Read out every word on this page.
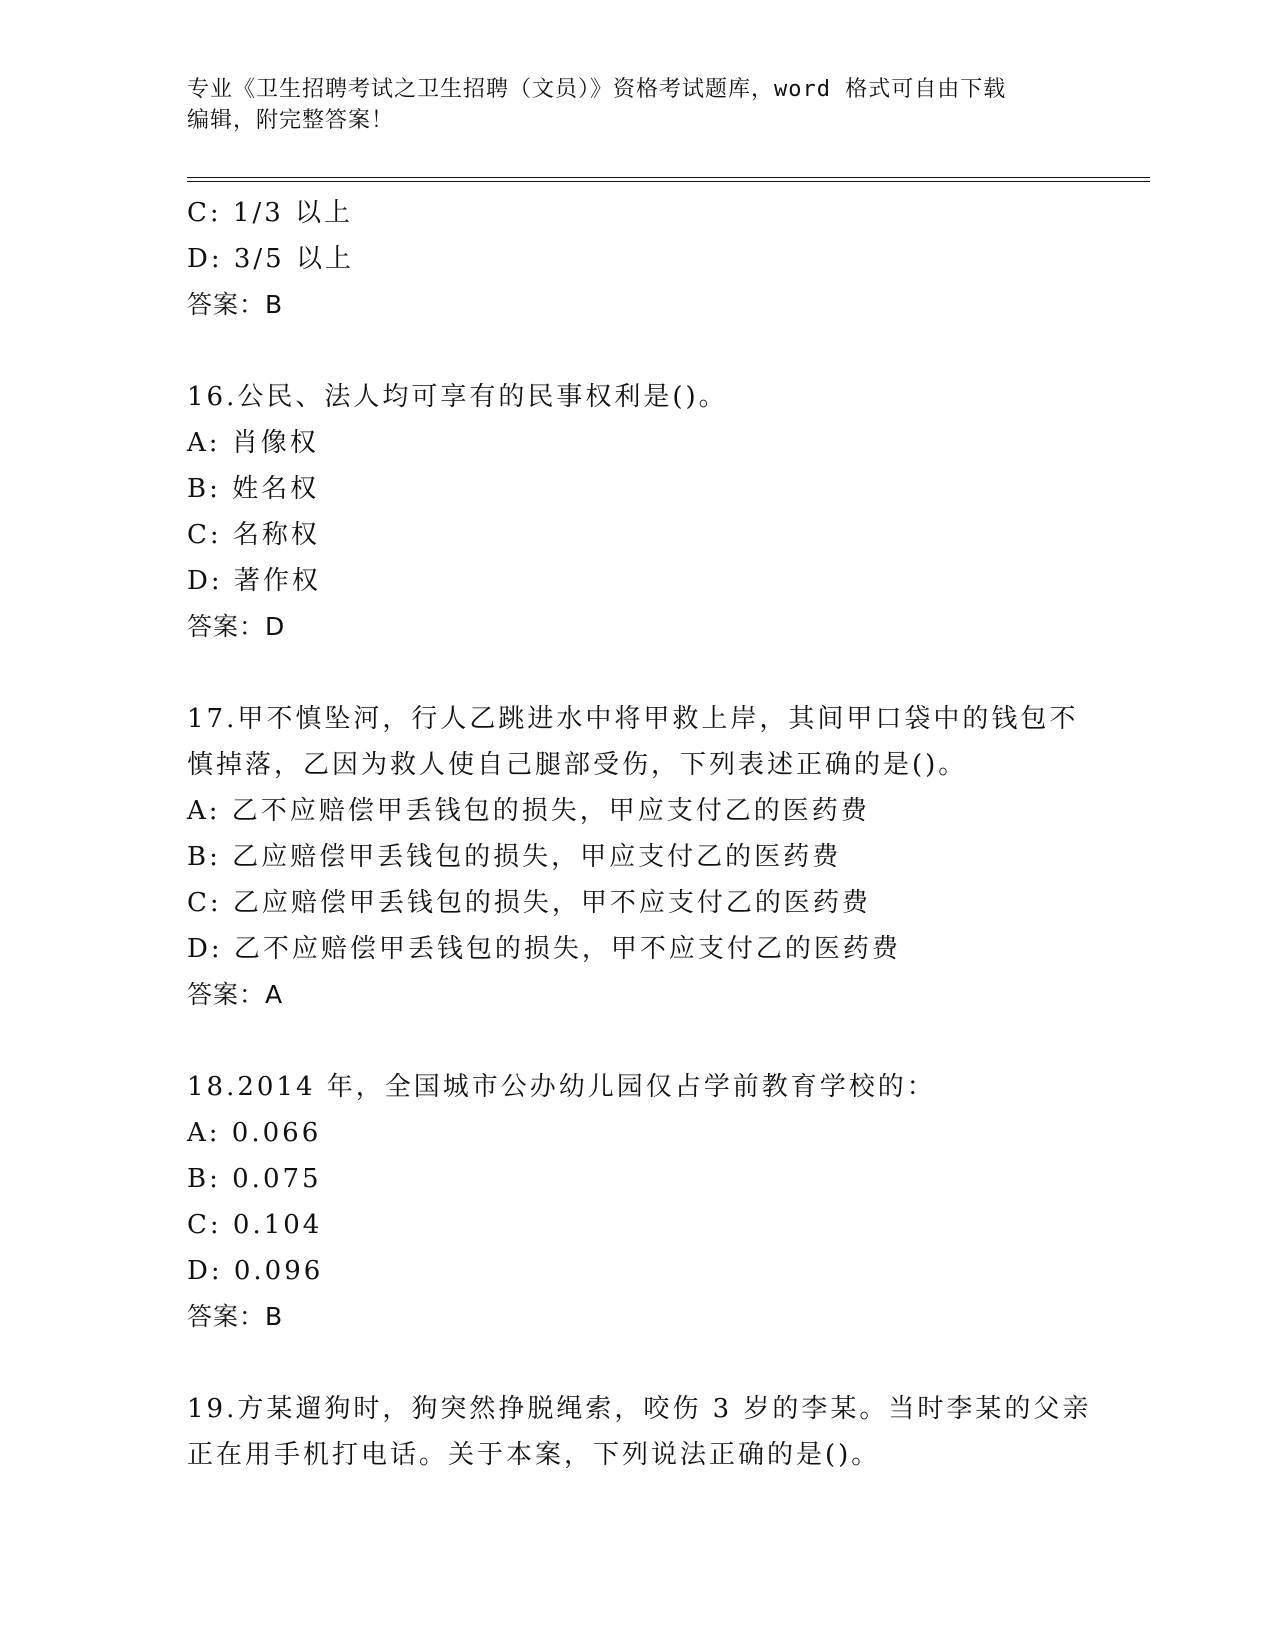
专业《卫生招聘考试之卫生招聘（文员）》资格考试题库，word 格式可自由下载
编辑，附完整答案！
C: 1/3 以上
D: 3/5 以上
答案：B
16.公民、法人均可享有的民事权利是()。
A: 肖像权
B: 姓名权
C: 名称权
D: 著作权
答案：D
17.甲不慎坠河，行人乙跳进水中将甲救上岸，其间甲口袋中的钱包不
慎掉落，乙因为救人使自己腿部受伤，下列表述正确的是()。
A: 乙不应赔偿甲丢钱包的损失，甲应支付乙的医药费
B: 乙应赔偿甲丢钱包的损失，甲应支付乙的医药费
C: 乙应赔偿甲丢钱包的损失，甲不应支付乙的医药费
D: 乙不应赔偿甲丢钱包的损失，甲不应支付乙的医药费
答案：A
18.2014 年，全国城市公办幼儿园仅占学前教育学校的：
A: 0.066
B: 0.075
C: 0.104
D: 0.096
答案：B
19.方某遛狗时，狗突然挣脱绳索，咬伤 3 岁的李某。当时李某的父亲
正在用手机打电话。关于本案，下列说法正确的是()。
